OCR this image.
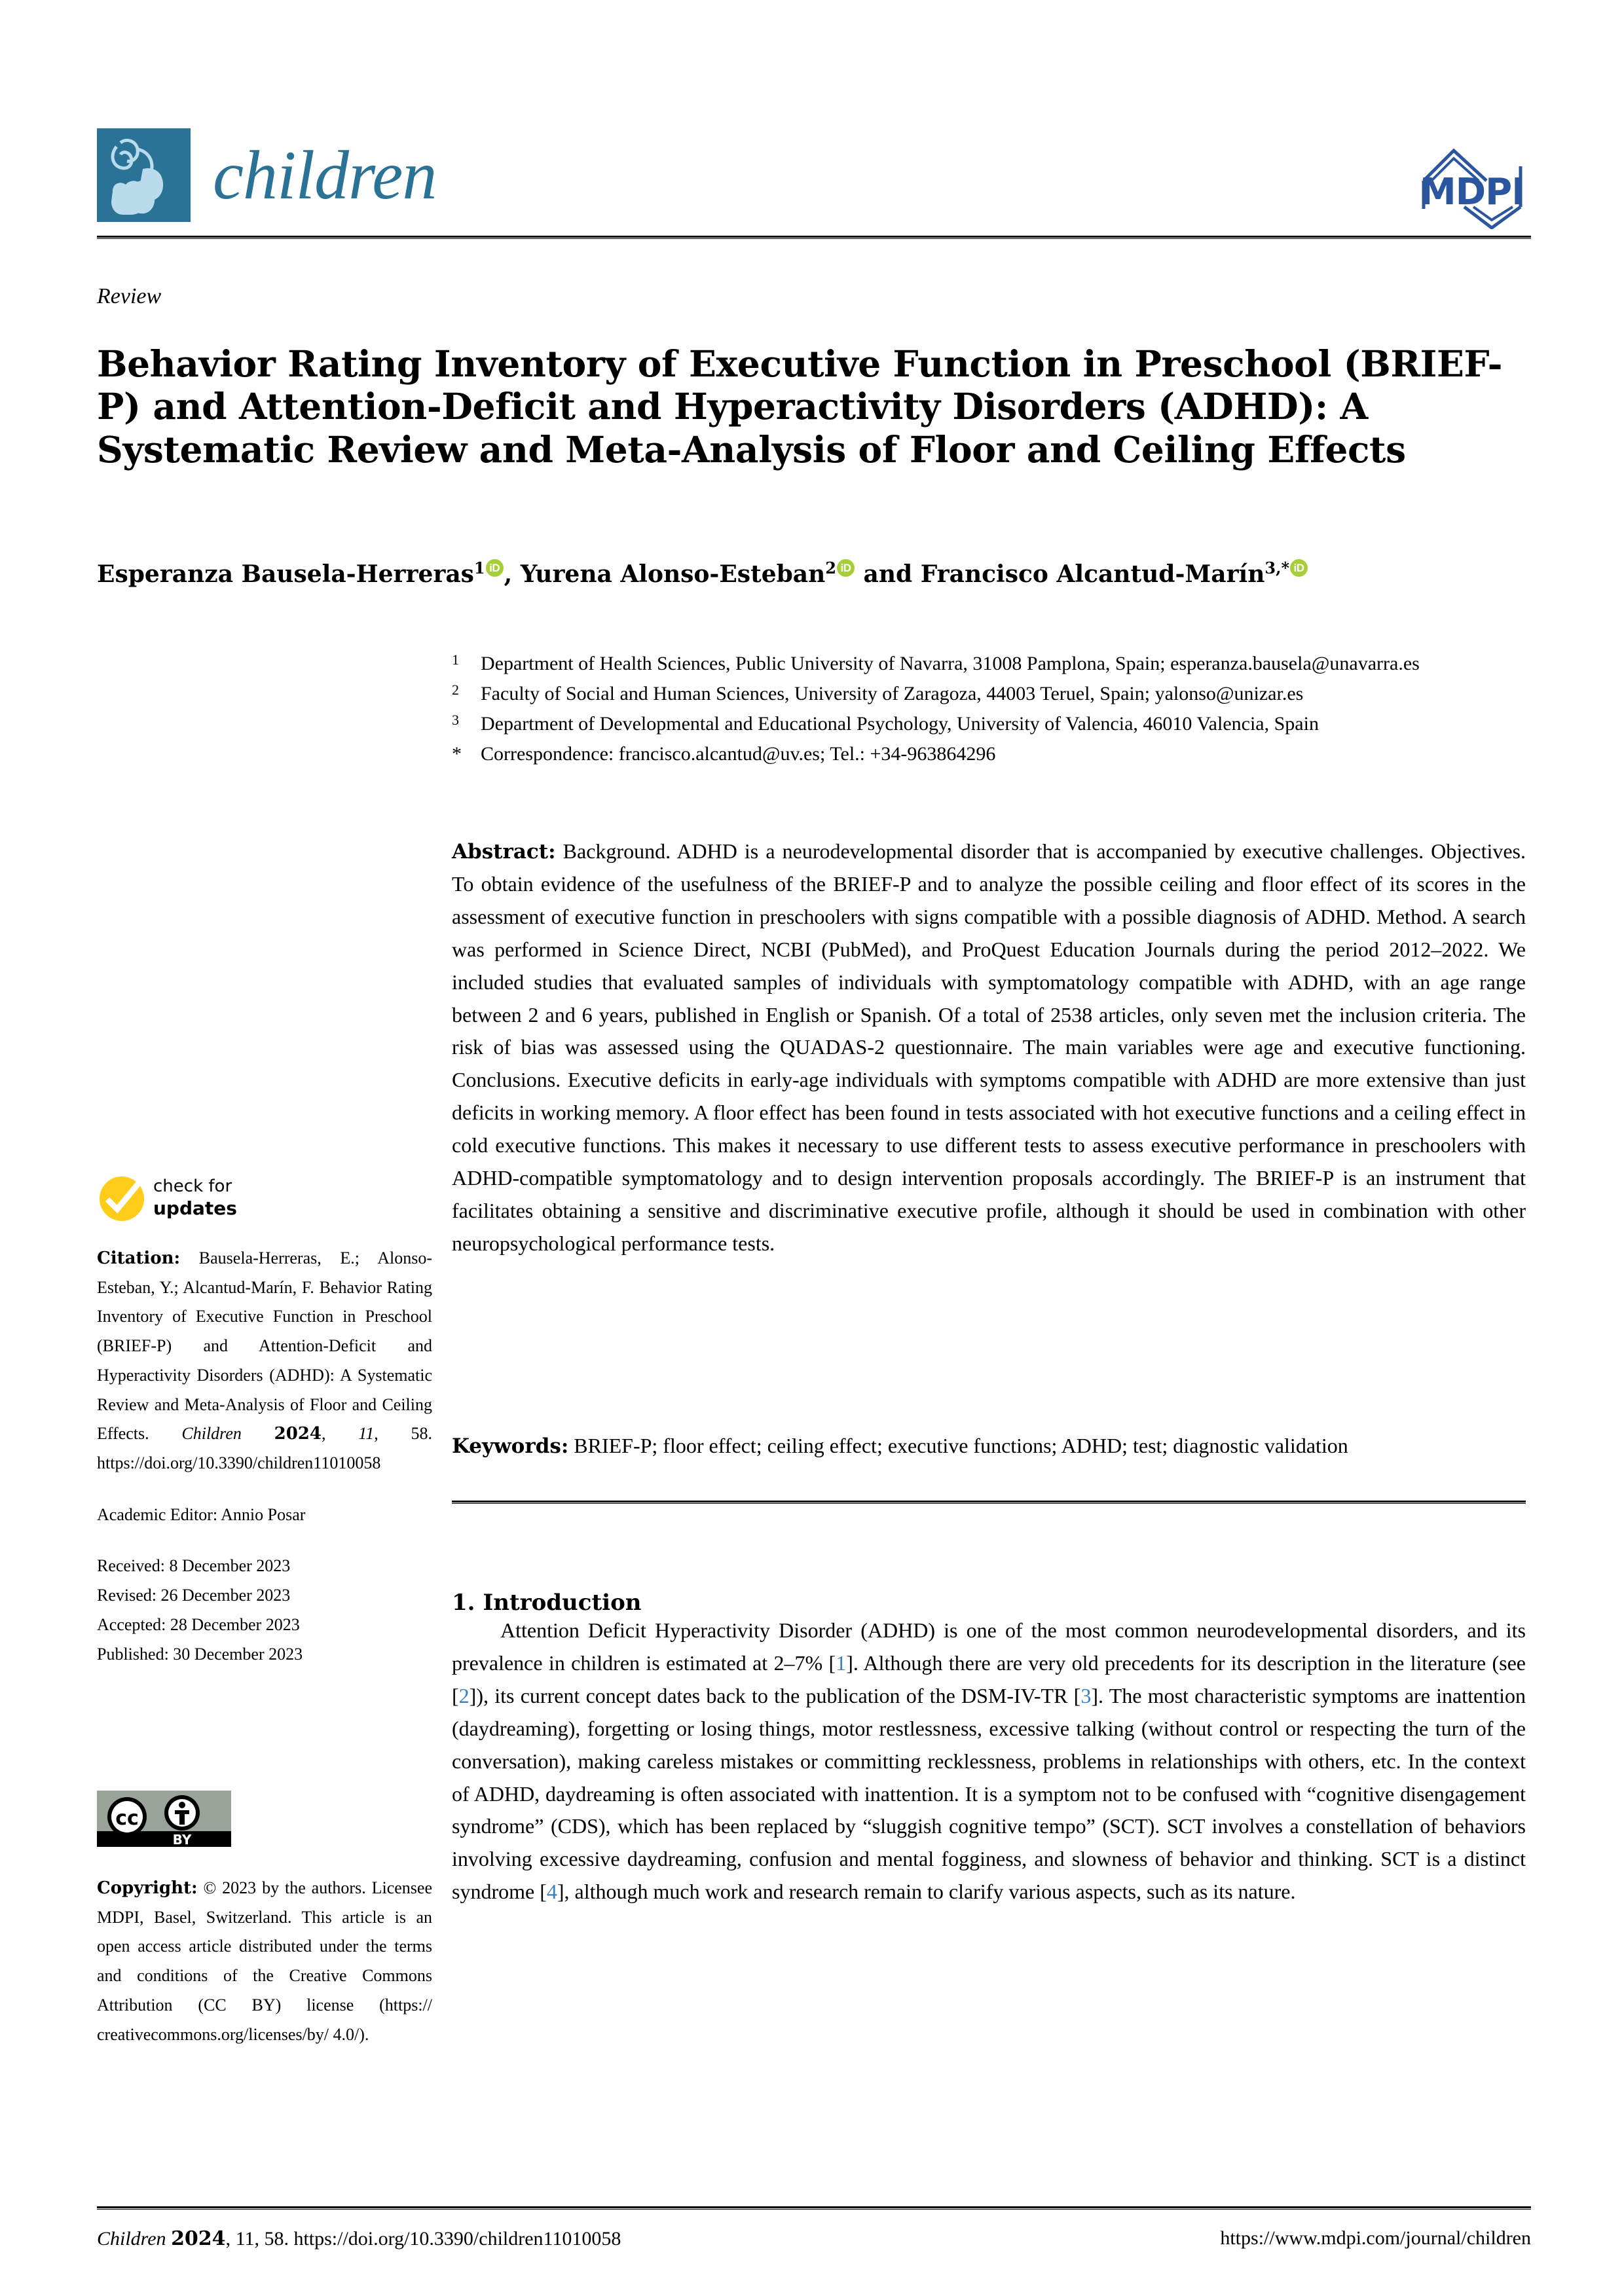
children	MDPI
Review
Behavior Rating Inventory of Executive Function in Preschool (BRIEF-P) and Attention-Deficit and Hyperactivity Disorders (ADHD): A Systematic Review and Meta-Analysis of Floor and Ceiling Effects
Esperanza Bausela-Herreras$^1$ iD , Yurena Alonso-Esteban$^2$ iD and Francisco Alcantud-Marín$^{3,*}$ iD
1	Department of Health Sciences, Public University of Navarra, 31008 Pamplona, Spain; esperanza.bausela@unavarra.es
2	Faculty of Social and Human Sciences, University of Zaragoza, 44003 Teruel, Spain; yalonso@unizar.es
3	Department of Developmental and Educational Psychology, University of Valencia, 46010 Valencia, Spain
* Correspondence: francisco.alcantud@uv.es; Tel.: +34-963864296
Abstract: Background. ADHD is a neurodevelopmental disorder that is accompanied by executive challenges. Objectives. To obtain evidence of the usefulness of the BRIEF-P and to analyze the possible ceiling and floor effect of its scores in the assessment of executive function in preschoolers with signs compatible with a possible diagnosis of ADHD. Method. A search was performed in Science Direct, NCBI (PubMed), and ProQuest Education Journals during the period 2012–2022. We included studies that evaluated samples of individuals with symptomatology compatible with ADHD, with an age range between 2 and 6 years, published in English or Spanish. Of a total of 2538 articles, only seven met the inclusion criteria. The risk of bias was assessed using the QUADAS-2 questionnaire. The main variables were age and executive functioning. Conclusions. Executive deficits in early-age individuals with symptoms compatible with ADHD are more extensive than just deficits in working memory. A floor effect has been found in tests associated with hot executive functions and a ceiling effect in cold executive functions. This makes it necessary to use different tests to assess executive performance in preschoolers with ADHD-compatible symptomatology and to design intervention proposals accordingly. The BRIEF-P is an instrument that facilitates obtaining a sensitive and discriminative executive profile, although it should be used in combination with other neuropsychological performance tests.
Keywords: BRIEF-P; floor effect; ceiling effect; executive functions; ADHD; test; diagnostic validation
1. Introduction
Attention Deficit Hyperactivity Disorder (ADHD) is one of the most common neurodevelopmental disorders, and its prevalence in children is estimated at 2–7% [1]. Although there are very old precedents for its description in the literature (see [2]), its current concept dates back to the publication of the DSM-IV-TR [3]. The most characteristic symptoms are inattention (daydreaming), forgetting or losing things, motor restlessness, excessive talking (without control or respecting the turn of the conversation), making careless mistakes or committing recklessness, problems in relationships with others, etc. In the context of ADHD, daydreaming is often associated with inattention. It is a symptom not to be confused with “cognitive disengagement syndrome” (CDS), which has been replaced by “sluggish cognitive tempo” (SCT). SCT involves a constellation of behaviors involving excessive daydreaming, confusion and mental fogginess, and slowness of behavior and thinking. SCT is a distinct syndrome [4], although much work and research remain to clarify various aspects, such as its nature.
check for
updates
Citation: Bausela-Herreras, E.; Alonso-Esteban, Y.; Alcantud-Marín, F. Behavior Rating Inventory of Executive Function in Preschool (BRIEF-P) and Attention-Deficit and Hyperactivity Disorders (ADHD): A Systematic Review and Meta-Analysis of Floor and Ceiling Effects. Children 2024, 11, 58. https://doi.org/10.3390/children11010058
Academic Editor: Annio Posar
Received: 8 December 2023
Revised: 26 December 2023
Accepted: 28 December 2023
Published: 30 December 2023
cc
BY
Copyright: © 2023 by the authors. Licensee MDPI, Basel, Switzerland. This article is an open access article distributed under the terms and conditions of the Creative Commons Attribution (CC BY) license (https:// creativecommons.org/licenses/by/ 4.0/).
Children 2024, 11, 58. https://doi.org/10.3390/children11010058	https://www.mdpi.com/journal/children
